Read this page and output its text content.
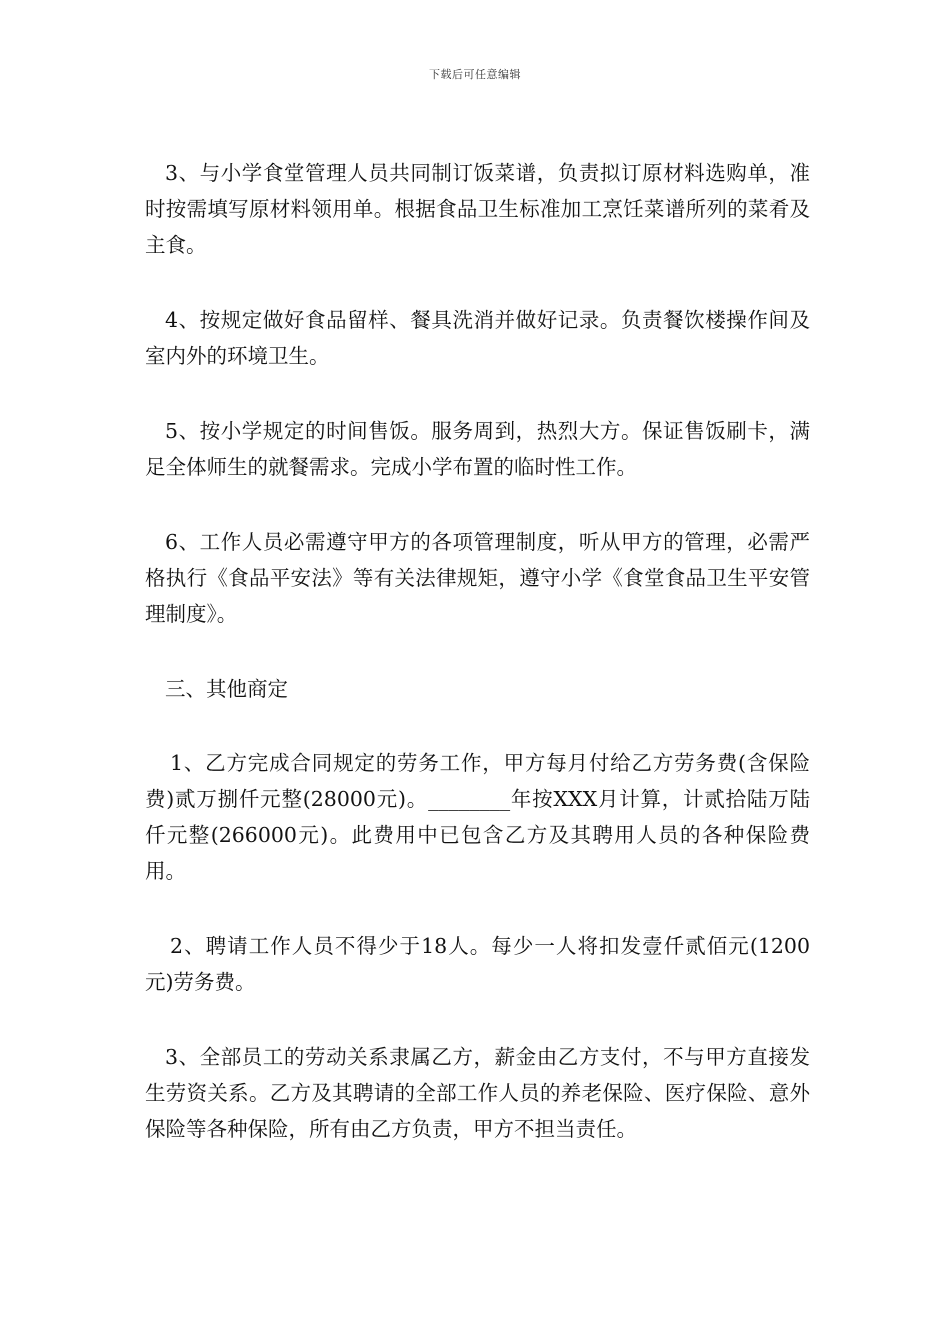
下载后可任意编辑

3、与小学食堂管理人员共同制订饭菜谱，负责拟订原材料选购单，准时按需填写原材料领用单。根据食品卫生标准加工烹饪菜谱所列的菜肴及主食。

4、按规定做好食品留样、餐具洗消并做好记录。负责餐饮楼操作间及室内外的环境卫生。

5、按小学规定的时间售饭。服务周到，热烈大方。保证售饭刷卡，满足全体师生的就餐需求。完成小学布置的临时性工作。

6、工作人员必需遵守甲方的各项管理制度，听从甲方的管理，必需严格执行《食品平安法》等有关法律规矩，遵守小学《食堂食品卫生平安管理制度》。

三、其他商定

1、乙方完成合同规定的劳务工作，甲方每月付给乙方劳务费(含保险费)贰万捌仟元整(28000元)。________年按XXX月计算，计贰拾陆万陆仟元整(266000元)。此费用中已包含乙方及其聘用人员的各种保险费用。

2、聘请工作人员不得少于18人。每少一人将扣发壹仟贰佰元(1200元)劳务费。

3、全部员工的劳动关系隶属乙方，薪金由乙方支付，不与甲方直接发生劳资关系。乙方及其聘请的全部工作人员的养老保险、医疗保险、意外保险等各种保险，所有由乙方负责，甲方不担当责任。
